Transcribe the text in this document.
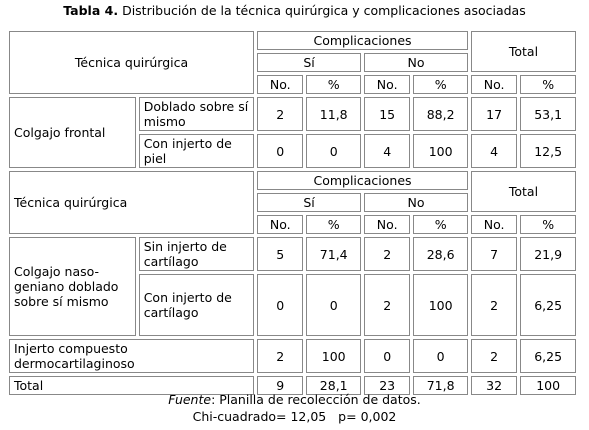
Tabla 4. Distribución de la técnica quirúrgica y complicaciones asociadas
Técnica quirúrgica		Complicaciones				Total	
		Sí		No			
		No.	%	No.	%	No.	%
Colgajo frontal	Doblado sobre sí mismo	2	11,8	15	88,2	17	53,1
	Con injerto de piel	0	0	4	100	4	12,5
Técnica quirúrgica		Complicaciones				Total	
		Sí		No			
		No.	%	No.	%	No.	%
Colgajo naso-geniano doblado sobre sí mismo	Sin injerto de cartílago	5	71,4	2	28,6	7	21,9
	Con injerto de cartílago	0	0	2	100	2	6,25
Injerto compuesto dermocartilaginoso		2	100	0	0	2	6,25
Total		9	28,1	23	71,8	32	100
Fuente: Planilla de recolección de datos.
Chi-cuadrado= 12,05   p= 0,002
